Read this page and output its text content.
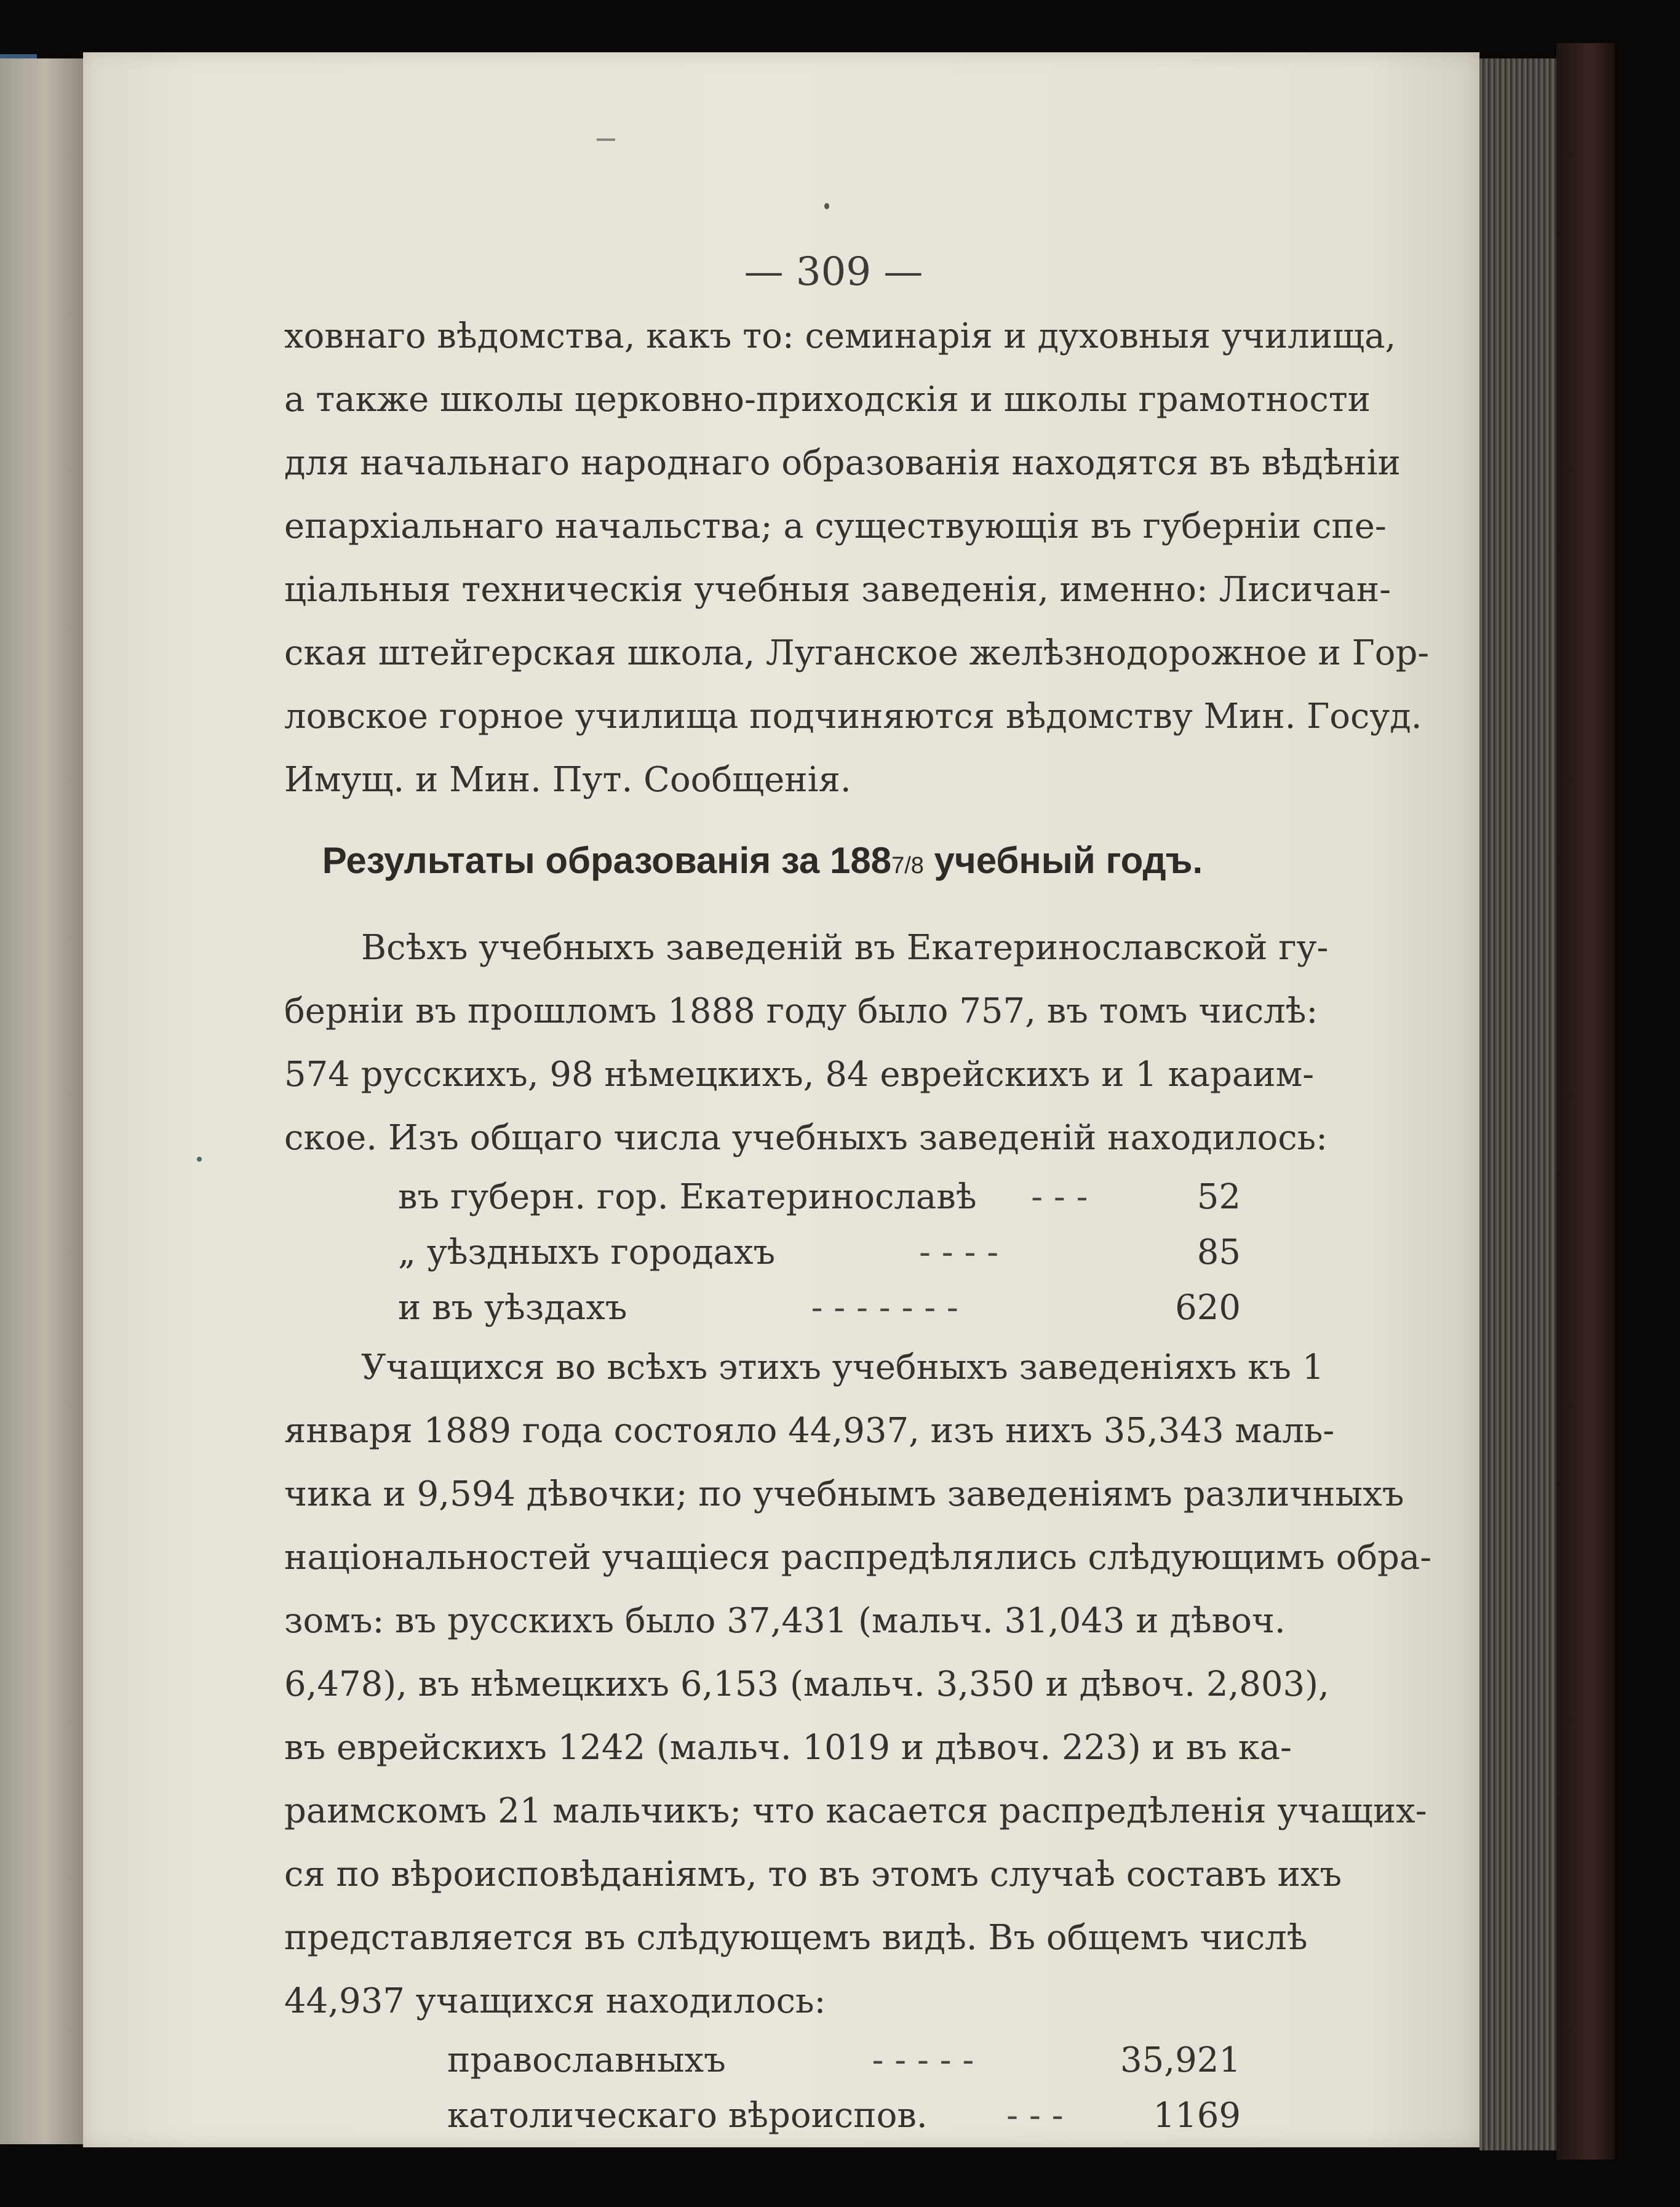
— 309 —
ховнаго вѣдомства, какъ то: семинарія и духовныя училища,
а также школы церковно-приходскія и школы грамотности
для начальнаго народнаго образованія находятся въ вѣдѣніи
епархіальнаго начальства; а существующія въ губерніи спе-
ціальныя техническія учебныя заведенія, именно: Лисичан-
ская штейгерская школа, Луганское желѣзнодорожное и Гор-
ловское горное училища подчиняются вѣдомству Мин. Госуд.
Имущ. и Мин. Пут. Сообщенія.
Результаты образованія за 1887/8 учебный годъ.
Всѣхъ учебныхъ заведеній въ Екатеринославской гу-
берніи въ прошломъ 1888 году было 757, въ томъ числѣ:
574 русскихъ, 98 нѣмецкихъ, 84 еврейскихъ и 1 караим-
ское. Изъ общаго числа учебныхъ заведеній находилось:
въ губерн. гор. Екатеринославѣ	- - -	52
„ уѣздныхъ городахъ	- - - -	85
и въ уѣздахъ	- - - - - - -	620
Учащихся во всѣхъ этихъ учебныхъ заведеніяхъ къ 1
января 1889 года состояло 44,937, изъ нихъ 35,343 маль-
чика и 9,594 дѣвочки; по учебнымъ заведеніямъ различныхъ
національностей учащіеся распредѣлялись слѣдующимъ обра-
зомъ: въ русскихъ было 37,431 (мальч. 31,043 и дѣвоч.
6,478), въ нѣмецкихъ 6,153 (мальч. 3,350 и дѣвоч. 2,803),
въ еврейскихъ 1242 (мальч. 1019 и дѣвоч. 223) и въ ка-
раимскомъ 21 мальчикъ; что касается распредѣленія учащих-
ся по вѣроисповѣданіямъ, то въ этомъ случаѣ составъ ихъ
представляется въ слѣдующемъ видѣ. Въ общемъ числѣ
44,937 учащихся находилось:
православныхъ	- - - - -	35,921
католическаго вѣроиспов.	- - -	1169
